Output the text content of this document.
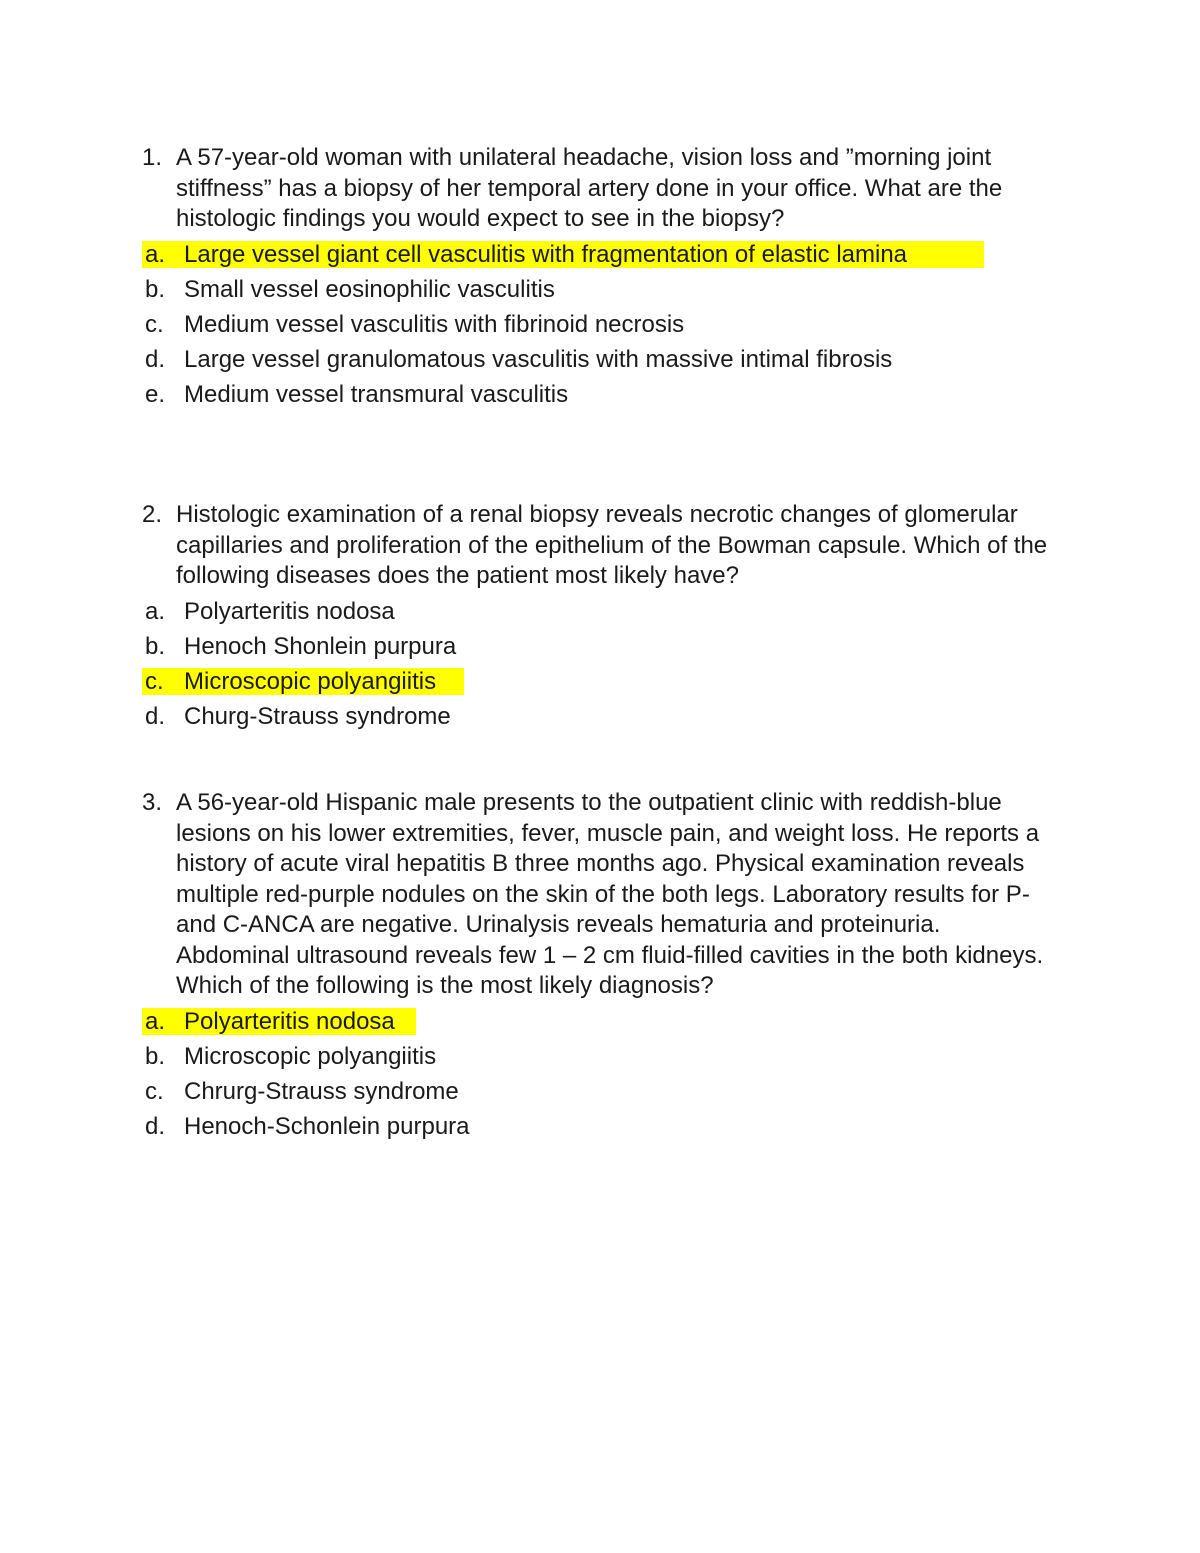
1. A 57-year-old woman with unilateral headache, vision loss and ”morning joint stiffness” has a biopsy of her temporal artery done in your office. What are the histologic findings you would expect to see in the biopsy?
a. Large vessel giant cell vasculitis with fragmentation of elastic lamina
b. Small vessel eosinophilic vasculitis
c. Medium vessel vasculitis with fibrinoid necrosis
d. Large vessel granulomatous vasculitis with massive intimal fibrosis
e. Medium vessel transmural vasculitis
2. Histologic examination of a renal biopsy reveals necrotic changes of glomerular capillaries and proliferation of the epithelium of the Bowman capsule. Which of the following diseases does the patient most likely have?
a. Polyarteritis nodosa
b. Henoch Shonlein purpura
c. Microscopic polyangiitis
d. Churg-Strauss syndrome
3. A 56-year-old Hispanic male presents to the outpatient clinic with reddish-blue lesions on his lower extremities, fever, muscle pain, and weight loss. He reports a history of acute viral hepatitis B three months ago. Physical examination reveals multiple red-purple nodules on the skin of the both legs. Laboratory results for P- and C-ANCA are negative. Urinalysis reveals hematuria and proteinuria. Abdominal ultrasound reveals few 1 – 2 cm fluid-filled cavities in the both kidneys. Which of the following is the most likely diagnosis?
a. Polyarteritis nodosa
b. Microscopic polyangiitis
c. Chrurg-Strauss syndrome
d. Henoch-Schonlein purpura
